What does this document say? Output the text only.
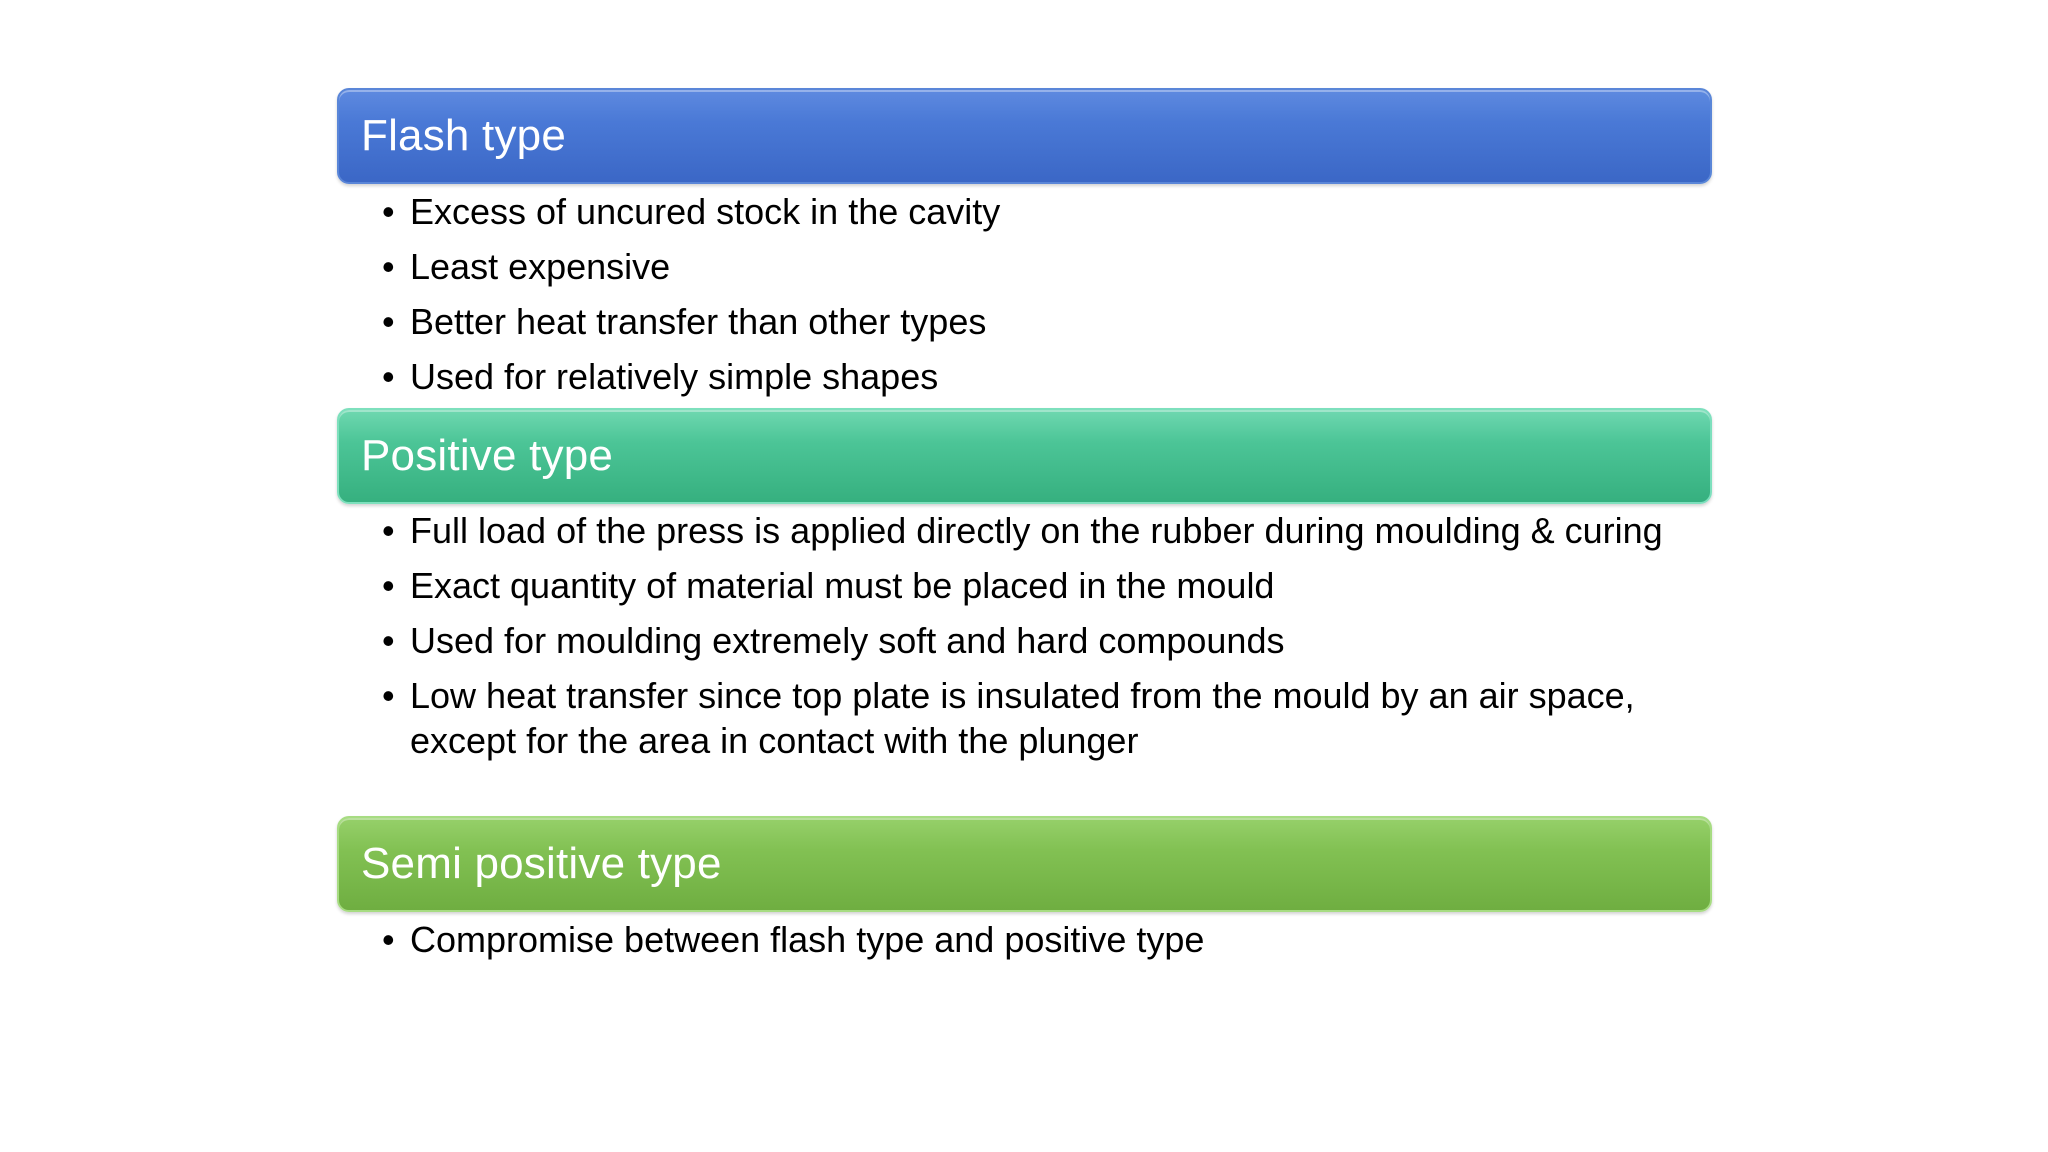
Flash type
• Excess of uncured stock in the cavity
• Least expensive
• Better heat transfer than other types
• Used for relatively simple shapes
Positive type
• Full load of the press is applied directly on the rubber during moulding & curing
• Exact quantity of material must be placed in the mould
• Used for moulding extremely soft and hard compounds
• Low heat transfer since top plate is insulated from the mould by an air space, except for the area in contact with the plunger
Semi positive type
• Compromise between flash type and positive type
